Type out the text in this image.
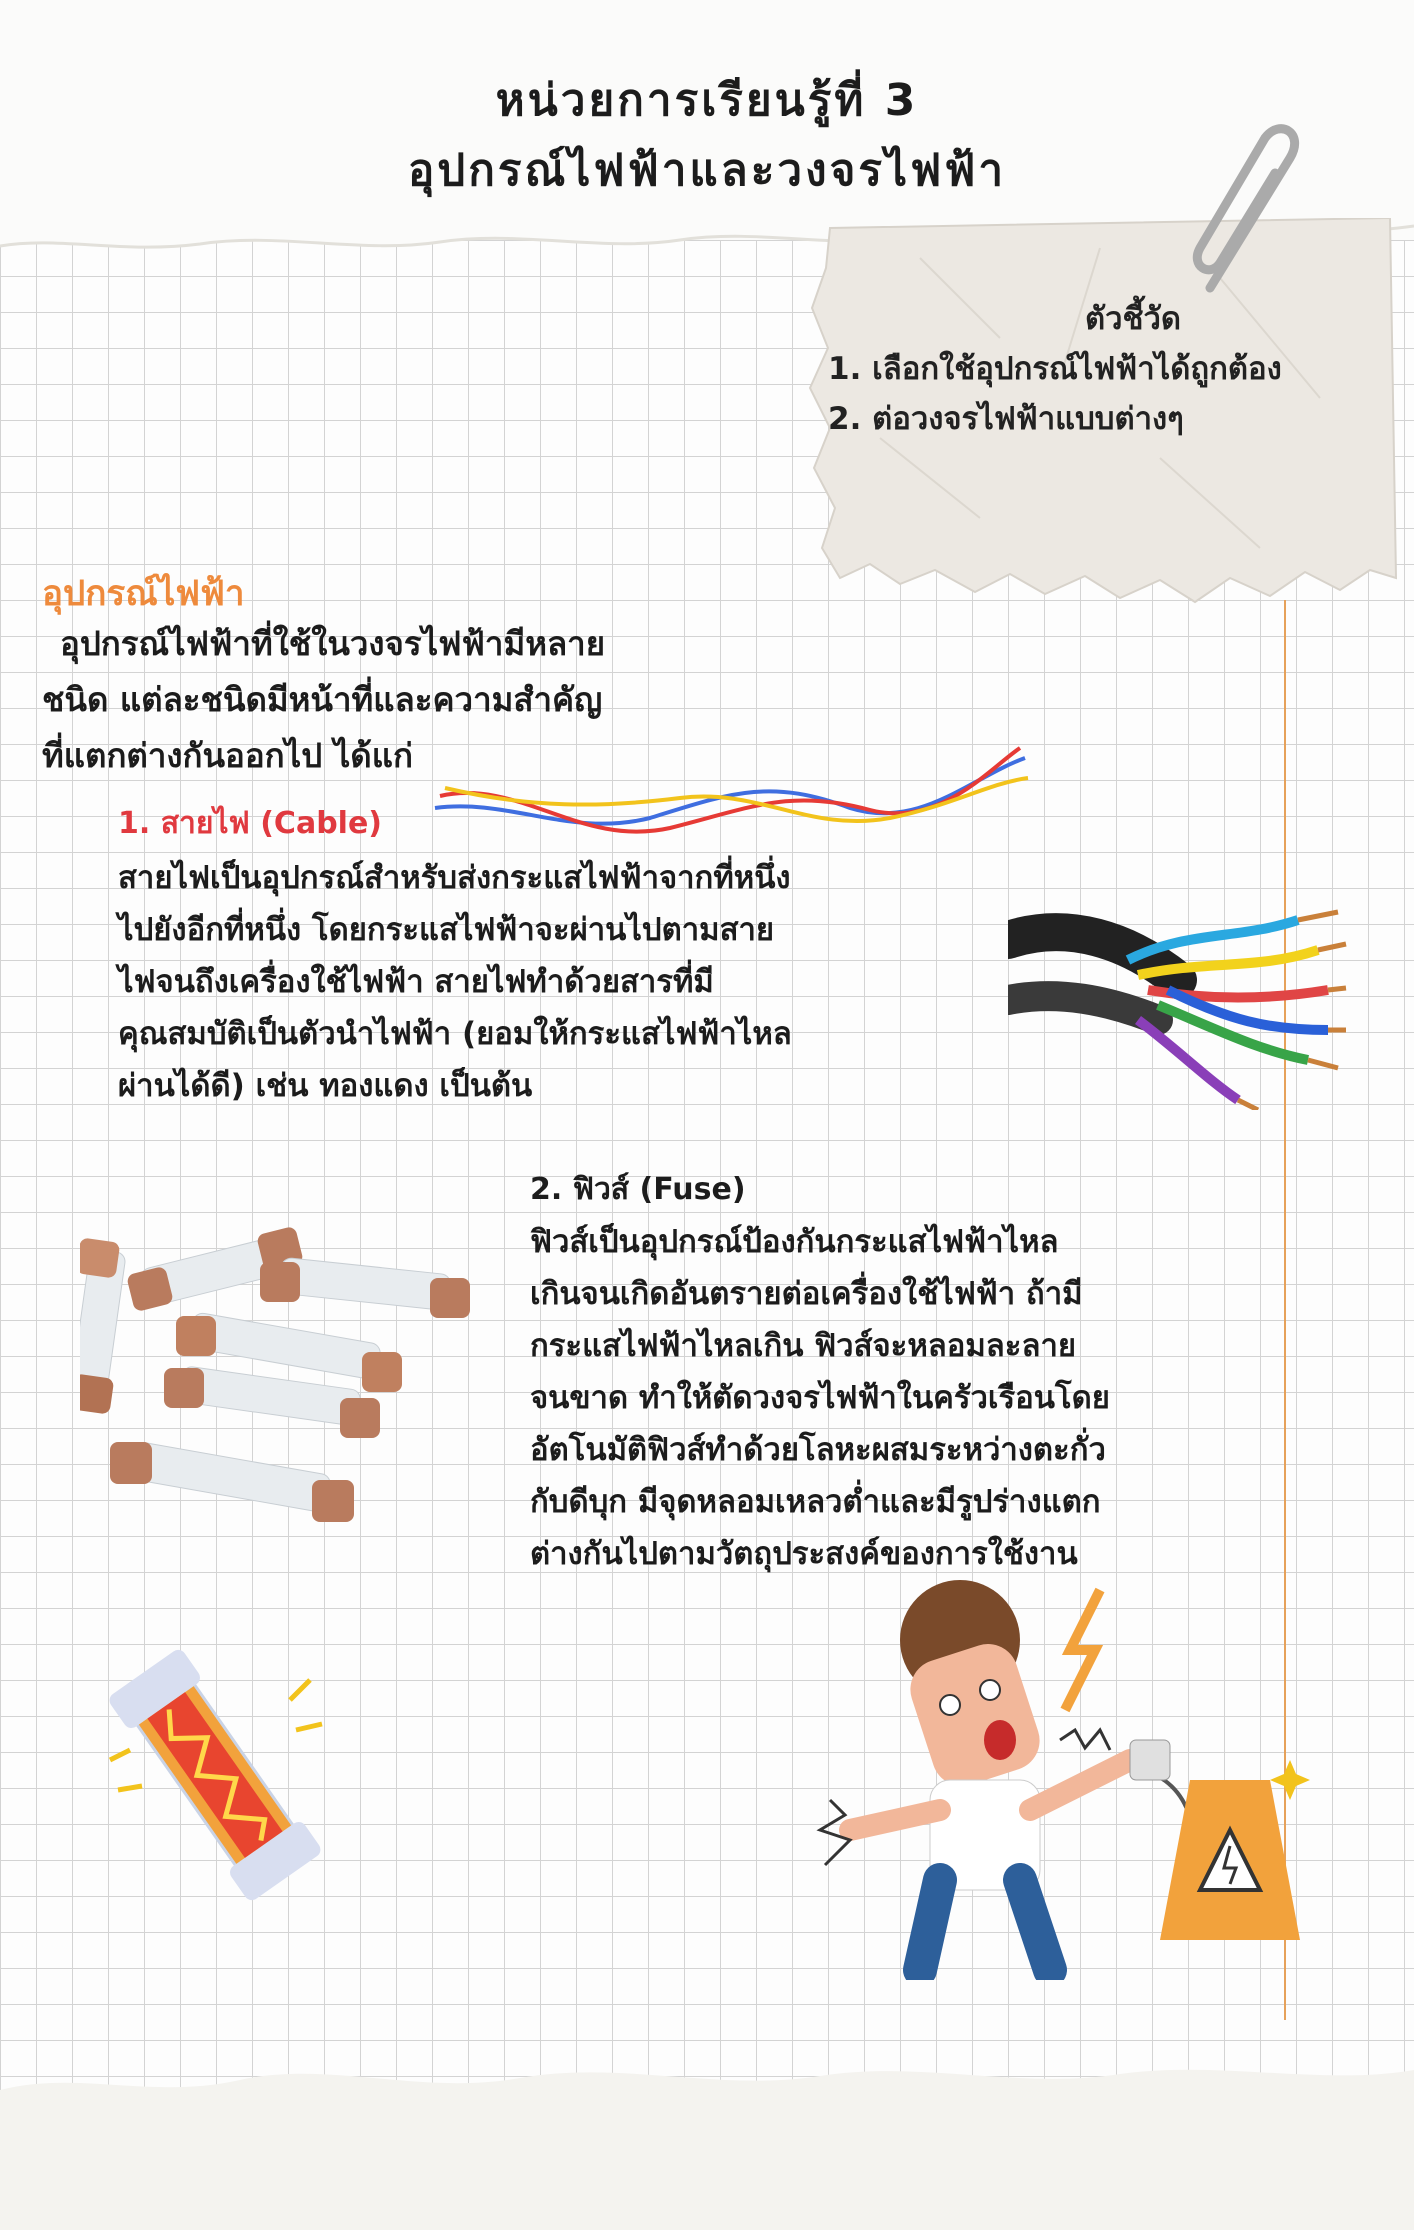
หน่วยการเรียนรู้ที่ 3
อุปกรณ์ไฟฟ้าและวงจรไฟฟ้า
ตัวชี้วัด
1. เลือกใช้อุปกรณ์ไฟฟ้าได้ถูกต้อง
2. ต่อวงจรไฟฟ้าแบบต่างๆ
อุปกรณ์ไฟฟ้า
อุปกรณ์ไฟฟ้าที่ใช้ในวงจรไฟฟ้ามีหลาย
ชนิด แต่ละชนิดมีหน้าที่และความสำคัญ
ที่แตกต่างกันออกไป ได้แก่
1. สายไฟ (Cable)
สายไฟเป็นอุปกรณ์สำหรับส่งกระแสไฟฟ้าจากที่หนึ่ง
ไปยังอีกที่หนึ่ง โดยกระแสไฟฟ้าจะผ่านไปตามสาย
ไฟจนถึงเครื่องใช้ไฟฟ้า สายไฟทำด้วยสารที่มี
คุณสมบัติเป็นตัวนำไฟฟ้า (ยอมให้กระแสไฟฟ้าไหล
ผ่านได้ดี) เช่น ทองแดง เป็นต้น
2. ฟิวส์ (Fuse)
ฟิวส์เป็นอุปกรณ์ป้องกันกระแสไฟฟ้าไหล
เกินจนเกิดอันตรายต่อเครื่องใช้ไฟฟ้า ถ้ามี
กระแสไฟฟ้าไหลเกิน ฟิวส์จะหลอมละลาย
จนขาด ทำให้ตัดวงจรไฟฟ้าในครัวเรือนโดย
อัตโนมัติฟิวส์ทำด้วยโลหะผสมระหว่างตะกั่ว
กับดีบุก มีจุดหลอมเหลวต่ำและมีรูปร่างแตก
ต่างกันไปตามวัตถุประสงค์ของการใช้งาน
